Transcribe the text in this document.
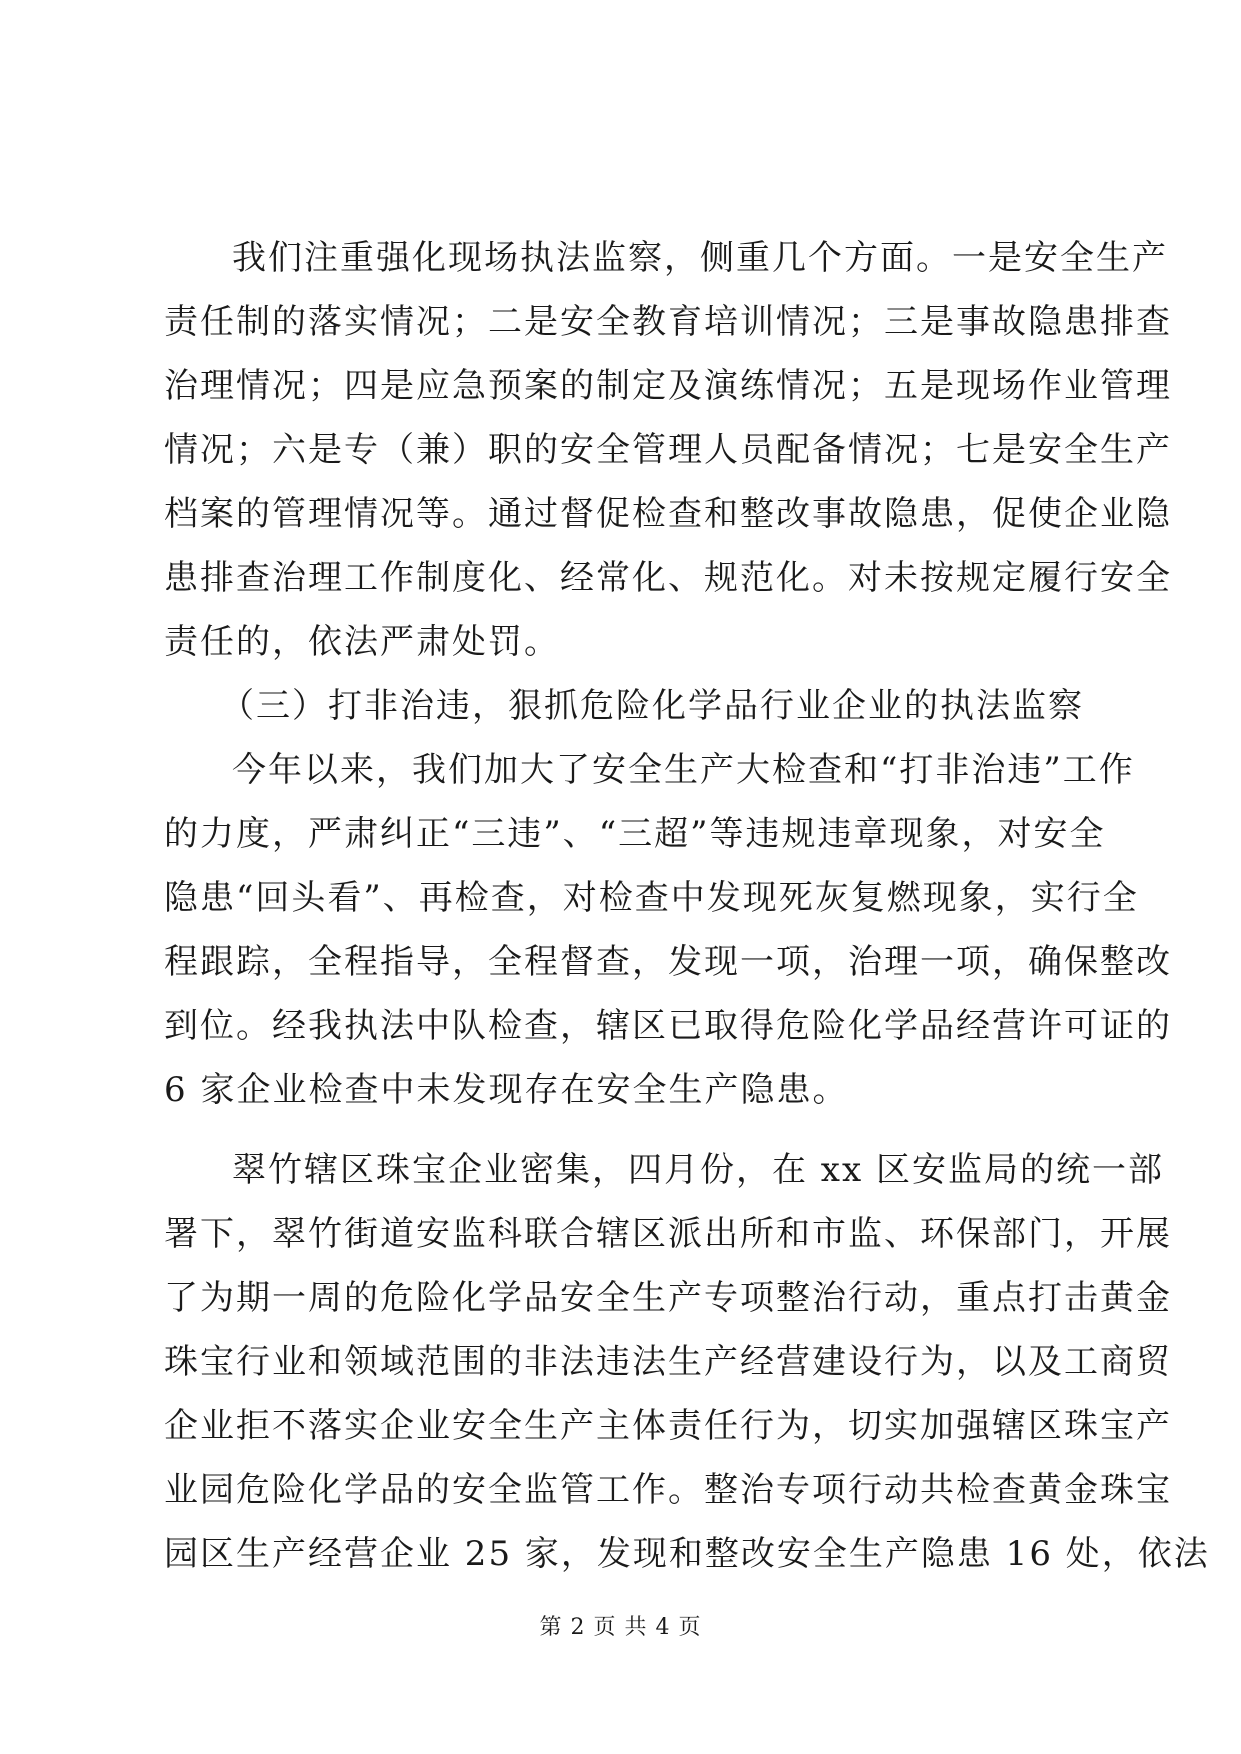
我们注重强化现场执法监察，侧重几个方面。一是安全生产
责任制的落实情况；二是安全教育培训情况；三是事故隐患排查
治理情况；四是应急预案的制定及演练情况；五是现场作业管理
情况；六是专（兼）职的安全管理人员配备情况；七是安全生产
档案的管理情况等。通过督促检查和整改事故隐患，促使企业隐
患排查治理工作制度化、经常化、规范化。对未按规定履行安全
责任的，依法严肃处罚。
（三）打非治违，狠抓危险化学品行业企业的执法监察
今年以来，我们加大了安全生产大检查和“打非治违”工作
的力度，严肃纠正“三违”、“三超”等违规违章现象，对安全
隐患“回头看”、再检查，对检查中发现死灰复燃现象，实行全
程跟踪，全程指导，全程督查，发现一项，治理一项，确保整改
到位。经我执法中队检查，辖区已取得危险化学品经营许可证的
6 家企业检查中未发现存在安全生产隐患。
翠竹辖区珠宝企业密集，四月份，在 xx 区安监局的统一部
署下，翠竹街道安监科联合辖区派出所和市监、环保部门，开展
了为期一周的危险化学品安全生产专项整治行动，重点打击黄金
珠宝行业和领域范围的非法违法生产经营建设行为，以及工商贸
企业拒不落实企业安全生产主体责任行为，切实加强辖区珠宝产
业园危险化学品的安全监管工作。整治专项行动共检查黄金珠宝
园区生产经营企业 25 家，发现和整改安全生产隐患 16 处，依法
第 2 页 共 4 页
